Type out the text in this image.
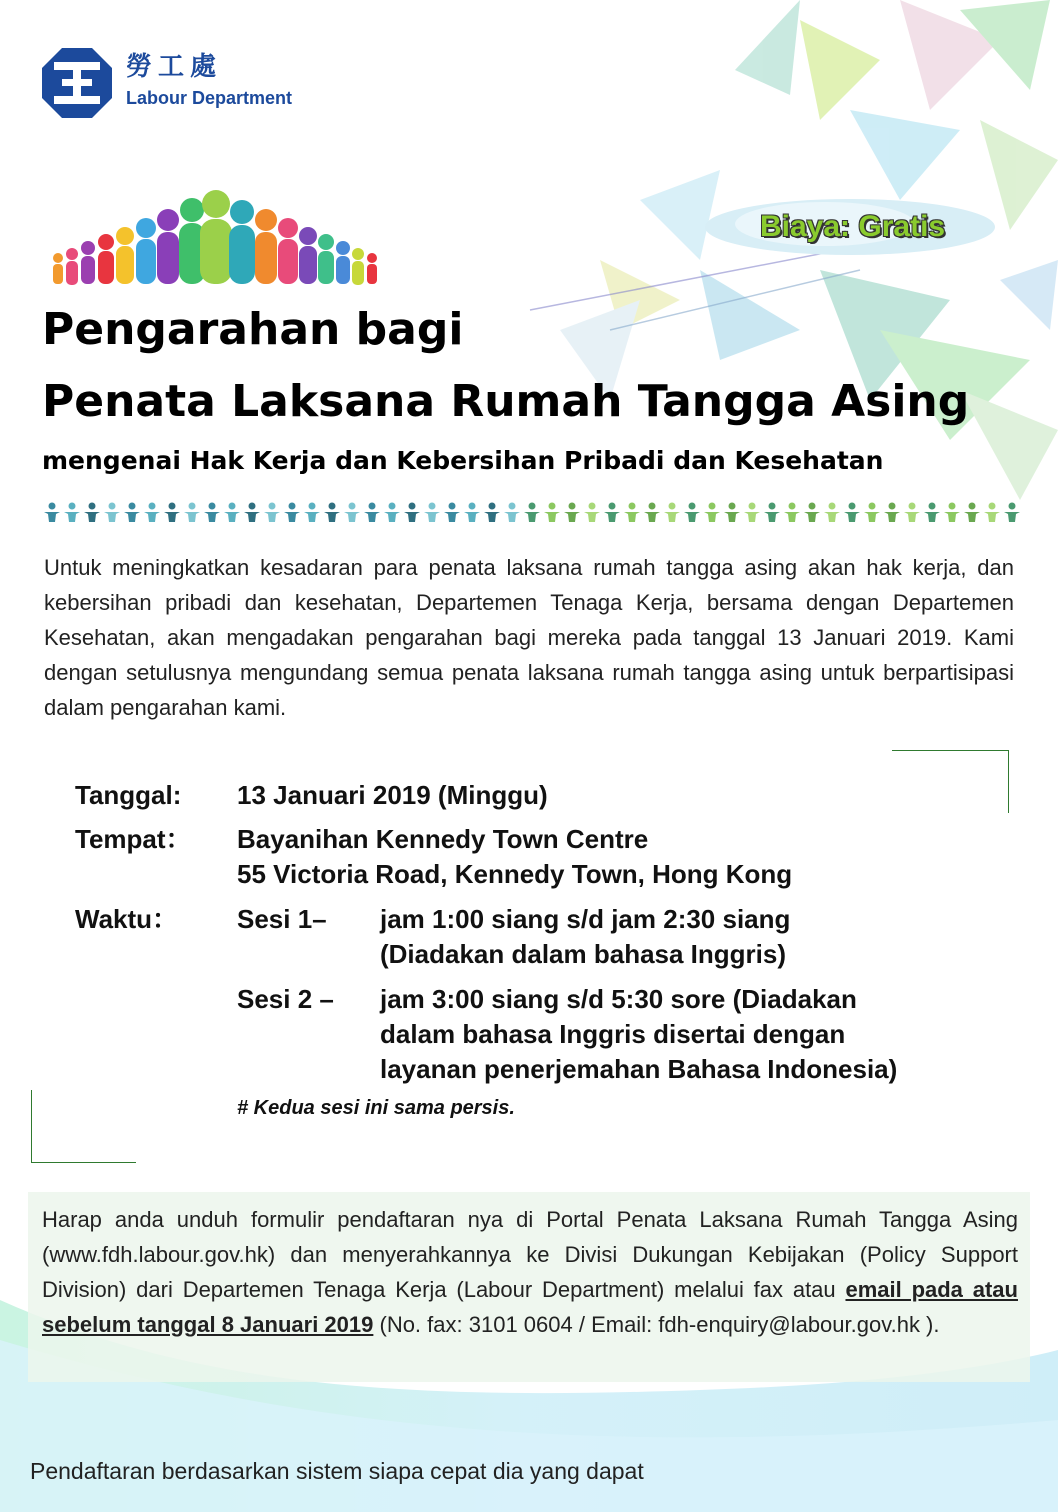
勞工處
Labour Department
Biaya: Gratis
Pengarahan bagi
Penata Laksana Rumah Tangga Asing
mengenai Hak Kerja dan Kebersihan Pribadi dan Kesehatan
Untuk meningkatkan kesadaran para penata laksana rumah tangga asing akan hak kerja, dan kebersihan pribadi dan kesehatan, Departemen Tenaga Kerja, bersama dengan Departemen Kesehatan, akan mengadakan pengarahan bagi mereka pada tanggal 13 Januari 2019. Kami dengan setulusnya mengundang semua penata laksana rumah tangga asing untuk berpartisipasi dalam pengarahan kami.
Tanggal: 13 Januari 2019 (Minggu)
Tempat： Bayanihan Kennedy Town Centre
55 Victoria Road, Kennedy Town, Hong Kong
Waktu： Sesi 1– jam 1:00 siang s/d jam 2:30 siang
(Diadakan dalam bahasa Inggris)
Sesi 2 – jam 3:00 siang s/d 5:30 sore (Diadakan
dalam bahasa Inggris disertai dengan
layanan penerjemahan Bahasa Indonesia)
# Kedua sesi ini sama persis.
Harap anda unduh formulir pendaftaran nya di Portal Penata Laksana Rumah Tangga Asing (www.fdh.labour.gov.hk) dan menyerahkannya ke Divisi Dukungan Kebijakan (Policy Support Division) dari Departemen Tenaga Kerja (Labour Department) melalui fax atau email pada atau sebelum tanggal 8 Januari 2019 (No. fax: 3101 0604 / Email: fdh-enquiry@labour.gov.hk ).
Pendaftaran berdasarkan sistem siapa cepat dia yang dapat
